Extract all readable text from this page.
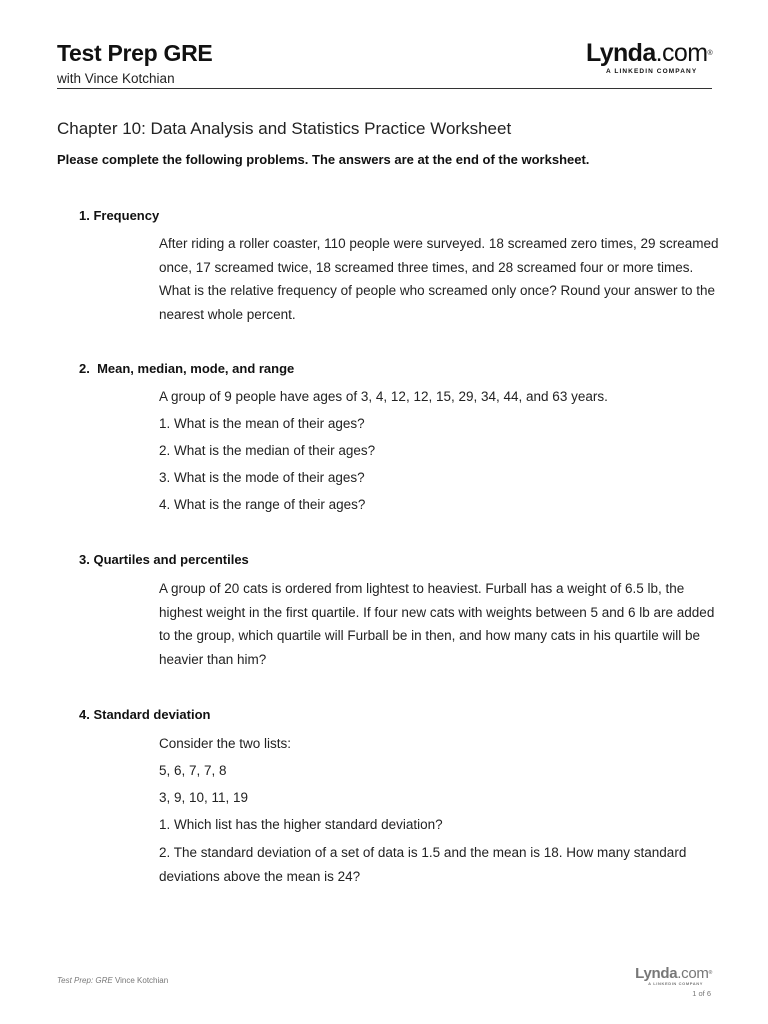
Test Prep GRE
with Vince Kotchian
Lynda.com®
A LINKEDIN COMPANY
Chapter 10: Data Analysis and Statistics Practice Worksheet
Please complete the following problems. The answers are at the end of the worksheet.
1. Frequency
After riding a roller coaster, 110 people were surveyed. 18 screamed zero times, 29 screamed once, 17 screamed twice, 18 screamed three times, and 28 screamed four or more times. What is the relative frequency of people who screamed only once? Round your answer to the nearest whole percent.
2.  Mean, median, mode, and range
A group of 9 people have ages of 3, 4, 12, 12, 15, 29, 34, 44, and 63 years.
1. What is the mean of their ages?
2. What is the median of their ages?
3. What is the mode of their ages?
4. What is the range of their ages?
3. Quartiles and percentiles
A group of 20 cats is ordered from lightest to heaviest. Furball has a weight of 6.5 lb, the highest weight in the first quartile. If four new cats with weights between 5 and 6 lb are added to the group, which quartile will Furball be in then, and how many cats in his quartile will be heavier than him?
4. Standard deviation
Consider the two lists:
5, 6, 7, 7, 8
3, 9, 10, 11, 19
1. Which list has the higher standard deviation?
2. The standard deviation of a set of data is 1.5 and the mean is 18. How many standard deviations above the mean is 24?
Test Prep: GRE Vince Kotchian	Lynda.com®
A LINKEDIN COMPANY
1 of 6
